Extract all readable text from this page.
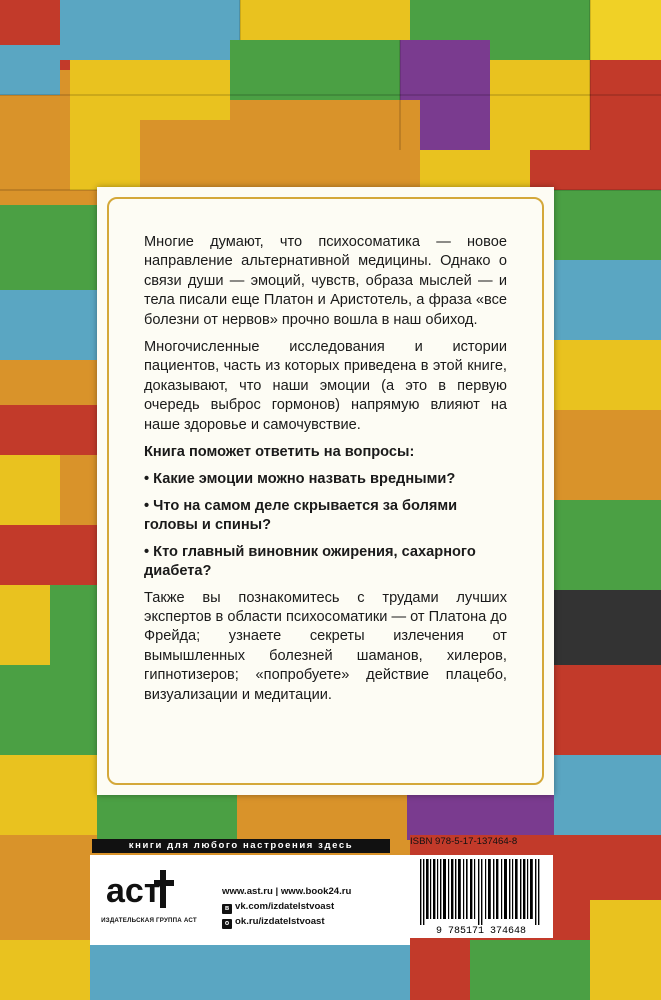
Многие думают, что психосоматика — новое направление альтернативной медицины. Однако о связи души — эмоций, чувств, образа мыслей — и тела писали еще Платон и Аристотель, а фраза «все болезни от нервов» прочно вошла в наш обиход.

Многочисленные исследования и истории пациентов, часть из которых приведена в этой книге, доказывают, что наши эмоции (а это в первую очередь выброс гормонов) напрямую влияют на наше здоровье и самочувствие.

Книга поможет ответить на вопросы:

• Какие эмоции можно назвать вредными?

• Что на самом деле скрывается за болями головы и спины?

• Кто главный виновник ожирения, сахарного диабета?

Также вы познакомитесь с трудами лучших экспертов в области психосоматики — от Платона до Фрейда; узнаете секреты излечения от вымышленных болезней шаманов, хилеров, гипнотизеров; «попробуете» действие плацебо, визуализации и медитации.

книги для любого настроения здесь
аст
ИЗДАТЕЛЬСКАЯ ГРУППА АСТ
www.ast.ru | www.book24.ru
в vk.com/izdatelstvoast
о ok.ru/izdatelstvoast
ISBN 978-5-17-137464-8
9 785171 374648
